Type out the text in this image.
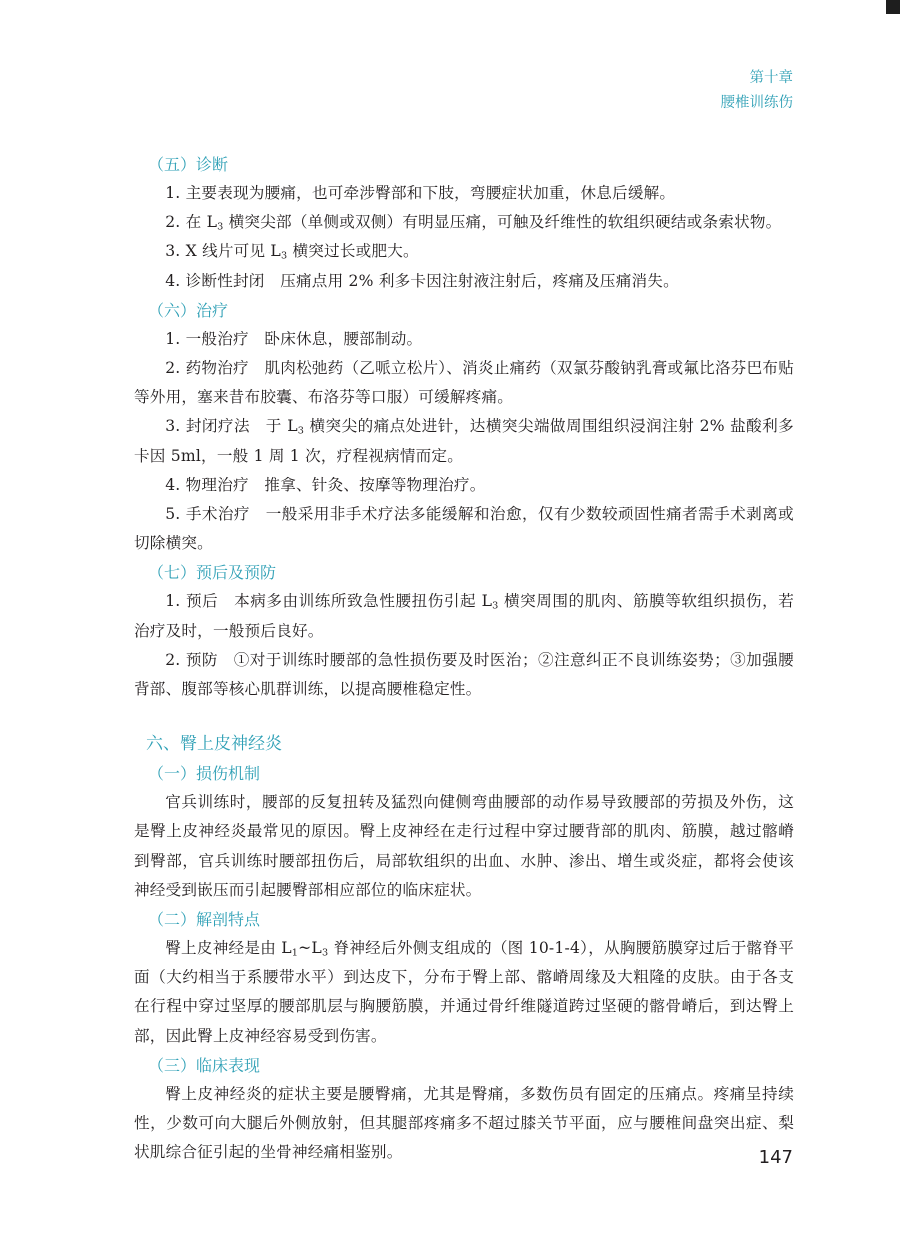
第十章
腰椎训练伤
（五）诊断

1. 主要表现为腰痛，也可牵涉臀部和下肢，弯腰症状加重，休息后缓解。

2. 在 $L_3$ 横突尖部（单侧或双侧）有明显压痛，可触及纤维性的软组织硬结或条索状物。

3. X 线片可见 $L_3$ 横突过长或肥大。

4. 诊断性封闭 压痛点用 2% 利多卡因注射液注射后，疼痛及压痛消失。

（六）治疗

1. 一般治疗 卧床休息，腰部制动。

2. 药物治疗 肌肉松弛药（乙哌立松片）、消炎止痛药（双氯芬酸钠乳膏或氟比洛芬巴布贴等外用，塞来昔布胶囊、布洛芬等口服）可缓解疼痛。

3. 封闭疗法 于 $L_3$ 横突尖的痛点处进针，达横突尖端做周围组织浸润注射 2% 盐酸利多卡因 5ml，一般 1 周 1 次，疗程视病情而定。

4. 物理治疗 推拿、针灸、按摩等物理治疗。

5. 手术治疗 一般采用非手术疗法多能缓解和治愈，仅有少数较顽固性痛者需手术剥离或切除横突。

（七）预后及预防

1. 预后 本病多由训练所致急性腰扭伤引起 $L_3$ 横突周围的肌肉、筋膜等软组织损伤，若治疗及时，一般预后良好。

2. 预防 ①对于训练时腰部的急性损伤要及时医治；②注意纠正不良训练姿势；③加强腰背部、腹部等核心肌群训练，以提高腰椎稳定性。

六、臀上皮神经炎
（一）损伤机制

官兵训练时，腰部的反复扭转及猛烈向健侧弯曲腰部的动作易导致腰部的劳损及外伤，这是臀上皮神经炎最常见的原因。臀上皮神经在走行过程中穿过腰背部的肌肉、筋膜，越过髂嵴到臀部，官兵训练时腰部扭伤后，局部软组织的出血、水肿、渗出、增生或炎症，都将会使该神经受到嵌压而引起腰臀部相应部位的临床症状。

（二）解剖特点

臀上皮神经是由 $L_1\sim L_3$ 脊神经后外侧支组成的（图 10-1-4），从胸腰筋膜穿过后于髂脊平面（大约相当于系腰带水平）到达皮下，分布于臀上部、髂嵴周缘及大粗隆的皮肤。由于各支在行程中穿过坚厚的腰部肌层与胸腰筋膜，并通过骨纤维隧道跨过坚硬的髂骨嵴后，到达臀上部，因此臀上皮神经容易受到伤害。

（三）临床表现

臀上皮神经炎的症状主要是腰臀痛，尤其是臀痛，多数伤员有固定的压痛点。疼痛呈持续性，少数可向大腿后外侧放射，但其腿部疼痛多不超过膝关节平面，应与腰椎间盘突出症、梨状肌综合征引起的坐骨神经痛相鉴别。	147
